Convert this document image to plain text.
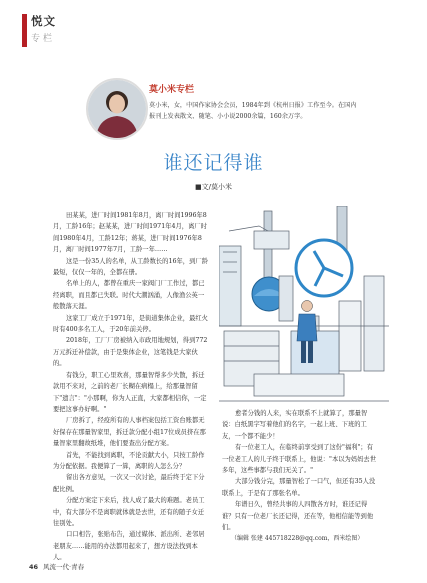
悦文
专栏
莫小米专栏
莫小米，女，中国作家协会会员，1984年到《杭州日报》工作至今。在国内报刊上发表散文、随笔、小小说2000余篇，160余万字。
谁还记得谁
■文/莫小米

田某某，进厂时间1981年8月，离厂时间1996年8月，工龄16年；赵某某，进厂时间1971年4月，离厂时间1980年4月，工龄12年；蒋某，进厂时间1976年8月，离厂时间1977年7月，工龄一年……

这是一份35人的名单，从工龄数长的16年，到厂龄最短，仅仅一年的，全都在册。

名单上的人，都曾在重庆一家阀门厂工作过，都已经离职，而且都已失联。时代大潮汹涌，人像渔公英一般散落天涯。

这家工厂成立于1971年，是街道集体企业，最红火时有400多名工人，于20年前关停。

2018年，工厂厂房被纳入市政用地规划，得到772万元拆迁补偿款，由于是集体企业，这笔钱是大家伙的。

有钱分，职工心里欢喜，那量智帮多少失散，拆迁款用不来对，之前的老厂长糊在病榻上，给那量智留下"遗言"："小那啊，你为人正直，大家都相信你，一定要把这事办好啊。"

厂房拆了，经疫所有的人事档案包括工资台账都无好保存在那量智家里，拆迁款分配小组17位成员挤在那量智家里翻故纸堆，他们要查出分配方案。

首先，不能找到离职，不论贡献大小，只按工龄作为分配依据。我便算了一算，离职的人怎么分？

留出各方意见，一次又一次讨论，最后终于定下分配比例。

分配方案定下来后，找人成了最大的难题。老员工中，有大部分不是离职就体就是去世，还有的随子女迁往别处。

口口相告，张贴布告，通过媒体、派出所、老邻居老朋友……能用的办法都用起来了，想方设法找到本人。

愈者分钱的人来，实在联系不上就算了，那量智说：白纸黑字写着他们的名字，一起上班、下班的工友，一个都不能少！

有一位老工人，在临终前享受到了这份"福利"；有一位老工人的儿子终于联系上，他说："本以为妈妈去世多年，这些事都与我们无关了。"

大部分钱分完，那量智松了一口气，但还有35人没联系上，于是有了那张名单。

年谱日久，曾经共事的人四散各方时，谁还记得谁？只有一位老厂长还记得，还在等，他相信能等到他们。

（编辑 张建 445718228@qq.com，西米绘图）
46 风流一代·青春
